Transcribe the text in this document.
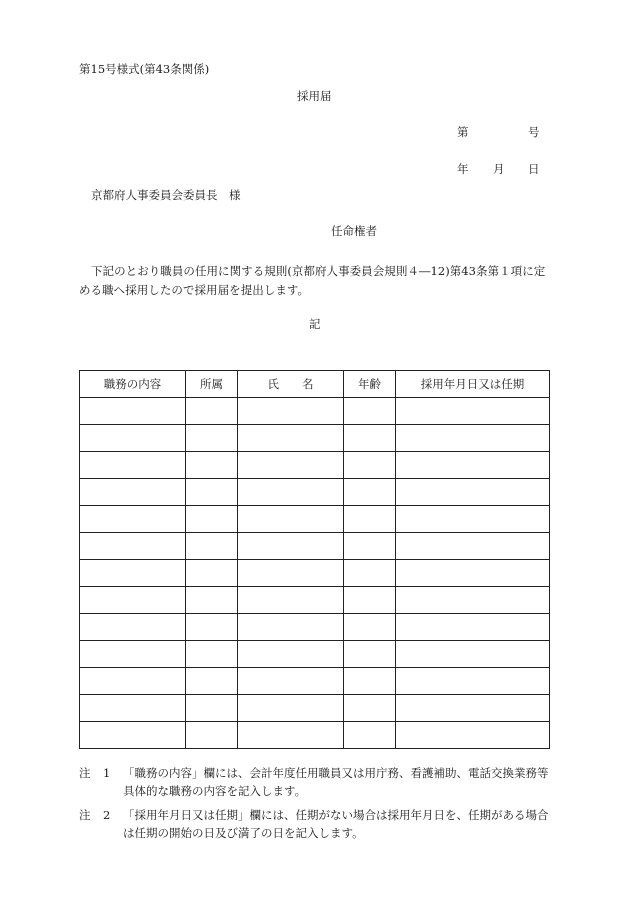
第15号様式(第43条関係)
採用届
第	号
年 月 日
京都府人事委員会委員長　様
任命権者
下記のとおり職員の任用に関する規則(京都府人事委員会規則４―12)第43条第１項に定める職へ採用したので採用届を提出します。
記
職務の内容	所属	氏　　名	年齢	採用年月日又は任期

注 1 「職務の内容」欄には、会計年度任用職員又は用庁務、看護補助、電話交換業務等
具体的な職務の内容を記入します。
注 2 「採用年月日又は任期」欄には、任期がない場合は採用年月日を、任期がある場合
は任期の開始の日及び満了の日を記入します。
